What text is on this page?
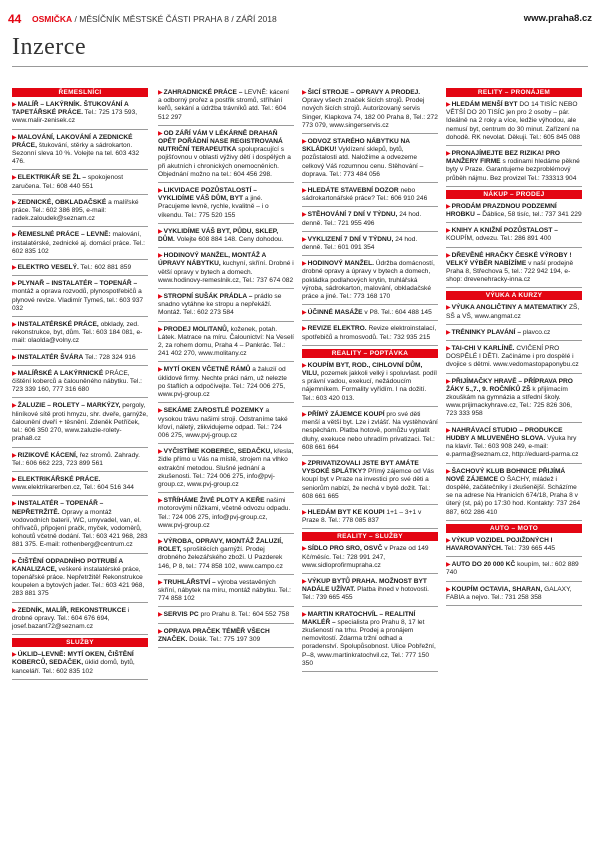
44 OSMIČKA / MĚSÍČNÍK MĚSTSKÉ ČÁSTI PRAHA 8 / ZÁŘÍ 2018	www.praha8.cz
Inzerce
ŘEMESLNÍCI
▶MALÍŘ – LAKÝRNÍK. ŠTUKOVÁNÍ A TAPETÁŘSKÉ PRÁCE. Tel.: 725 173 593, www.malir-zenisek.cz
▶MALOVÁNÍ, LAKOVÁNÍ A ZEDNICKÉ PRÁCE, štukování, stěrky a sádrokarton. Sezonní sleva 10 %. Volejte na tel. 603 432 476.
▶ELEKTRIKÁŘ SE ŽL – spokojenost zaručena. Tel.: 608 440 551
▶ZEDNICKÉ, OBKLADAČSKÉ a malířské práce. Tel.: 602 386 895, e-mail: radek.zaloudek@seznam.cz
▶ŘEMESLNÉ PRÁCE – LEVNĚ: malování, instalatérské, zednické aj. domácí práce. Tel.: 602 835 102
▶ELEKTRO VESELÝ. Tel.: 602 881 859
▶PLYNAŘ – INSTALATÉR – TOPENÁŘ – montáž a oprava rozvodů, plynospotřebičů a plynové revize. Vladimír Tymeš, tel.: 603 937 032
▶INSTALATÉRSKÉ PRÁCE, obklady, zed. rekonstrukce, byt, dům. Tel.: 603 184 081, e-mail: olaolda@volny.cz
▶INSTALATÉR ŠVÁRA Tel.: 728 324 916
▶MALÍŘSKÉ A LAKÝRNICKÉ PRÁCE, čištění koberců a čalouněného nábytku. Tel.: 723 339 160, 777 316 680
▶ŽALUZIE – ROLETY – MARKÝZY, pergoly, hliníkové sítě proti hmyzu, shr. dveře, garnýže, čalounění dveří + těsnění. Zdeněk Petříček, tel.: 606 350 270, www.zaluzie-rolety-praha8.cz
▶RIZIKOVÉ KÁCENÍ, řez stromů. Zahrady. Tel.: 606 662 223, 723 899 561
▶ELEKTRIKÁŘSKÉ PRÁCE. www.elektrikarerben.cz, Tel.: 604 516 344
▶INSTALATÉR – TOPENÁŘ – NEPŘETRŽITĚ. Opravy a montáž vodovodních baterií, WC, umyvadel, van, el. ohřívačů, připojení pračk, myček, vodoměrů, kohoutů včetně dodání. Tel.: 603 421 968, 283 881 375. E-mail: rothenberg@centrum.cz
▶ČIŠTĚNÍ ODPADNÍHO POTRUBÍ A KANALIZACE, veškeré instalatérské práce, topenářské práce. Nepřetržitě! Rekonstrukce koupelen a bytových jader. Tel.: 603 421 968, 283 881 375
▶ZEDNÍK, MALÍŘ, REKONSTRUKCE i drobné opravy. Tel.: 604 676 694, josef.bazant72@seznam.cz
SLUŽBY
▶ÚKLID–LEVNĚ: MYTÍ OKEN, ČIŠTĚNÍ KOBERCŮ, SEDAČEK, úklid domů, bytů, kanceláří. Tel.: 602 835 102
▶ZAHRADNICKÉ PRÁCE – LEVNĚ: kácení a odborný prořez a postřik stromů, stříhání keřů, sekání a údržba trávníků atd. Tel.: 604 512 297
▶OD ZÁŘÍ VÁM V LÉKÁRNĚ DRAHAŇ OPĚT POŘÁDNÍ NASE REGISTROVANÁ NUTRIČNÍ TERAPEUTKA spolupracující s pojišťovnou v oblasti výživy dětí i dospělých a při akutních i chronických onemocněních. Objednání možno na tel.: 604 456 298.
▶LIKVIDACE POZŮSTALOSTÍ – VYKLIDÍME VÁŠ DŮM, BYT a jiné. Pracujeme levně, rychle, kvalitně – i o víkendu. Tel.: 775 520 155
▶VYKLIDÍME VÁŠ BYT, PŮDU, SKLEP, DŮM. Volejte 608 884 148. Ceny dohodou.
▶HODINOVÝ MANŽEL, MONTÁŽ A ÚPRAVY NÁBYTKU, kuchyní, skříní. Drobné i větší opravy v bytech a domech. www.hodinovy-remeslnik.cz, Tel.: 737 674 082
▶STROPNÍ SUŠÁK PRÁDLA – prádlo se snadno vytáhne ke stropu a nepřekáží. Montáž. Tel.: 602 273 584
▶PRODEJ MOLITANŮ, koženek, potah. Látek. Matrace na míru. Čalounictví: Na Veselí 2, za rohem domu, Praha 4 – Pankrác. Tel.: 241 402 270, www.molitany.cz
▶MYTÍ OKEN VČETNĚ RÁMŮ a žaluzií od úklidové firmy. Nechte práci nám, už nelezte po štaflích a odpočívejte. Tel.: 724 006 275, www.pvj-group.cz
▶SEKÁME ZAROSTLÉ POZEMKY a vysokou trávu našimi stroji. Odstraníme také křoví, náletý, zlikvidujeme odpad. Tel.: 724 006 275, www.pvj-group.cz
▶VYČISTÍME KOBEREC, SEDAČKU, křesla, židle přímo u Vás na místě, strojem na vlhko extrakční metodou. Slušné jednání a zkušenosti. Tel.: 724 006 275, info@pvj-group.cz, www.pvj-group.cz
▶STŘÍHÁME ŽIVÉ PLOTY A KEŘE našimi motorovými nůžkami, včetně odvozu odpadu. Tel.: 724 006 275, info@pvj-group.cz, www.pvj-group.cz
▶VÝROBA, OPRAVY, MONTÁŽ ŽALUZIÍ, ROLET, sprošitěcích garnýží. Prodej drobného železářského zboží. U Pazderek 146, P 8, tel.: 774 858 102, www.campo.cz
▶TRUHLÁŘSTVÍ – výroba vestavěných skříní, nábytek na míru, montáž nábytku. Tel.: 774 858 102
▶SERVIS PC pro Prahu 8. Tel.: 604 552 758
▶OPRAVA PRAČEK TÉMĚŘ VŠECH ZNAČEK. Dolák. Tel.: 775 197 309
▶ŠICÍ STROJE – OPRAVY A PRODEJ. Opravy všech značek šicích strojů. Prodej nových šicích strojů. Autorizovaný servis Singer, Klapkova 74, 182 00 Praha 8, Tel.: 272 773 079, www.singerservis.cz
▶ODVOZ STARÉHO NÁBYTKU NA SKLÁDKU! Vyklízení sklepů, bytů, pozůstalosti atd. Naložíme a odvezeme celkový Váš rozumnou cenu. Stěhování – doprava. Tel.: 773 484 056
▶HLEDÁTE STAVEBNÍ DOZOR nebo sádrokartonářské práce? Tel.: 606 910 246
▶STĚHOVÁNÍ 7 DNÍ V TÝDNU, 24 hod. denně. Tel.: 721 955 496
▶VYKLIZENÍ 7 DNÍ V TÝDNU, 24 hod. denně. Tel.: 601 091 354
▶HODINOVÝ MANŽEL. Údržba domácností, drobné opravy a úpravy v bytech a domech, pokládka podlahových krytin, truhlářská výroba, sádrokarton, malování, obkladačské práce a jiné. Tel.: 773 168 170
▶ÚČINNÉ MASÁŽE v P8. Tel.: 604 488 145
▶REVIZE ELEKTRO. Revize elektroinstalací, spotřebičů a hromosvodů. Tel.: 732 935 215
REALITY – POPTÁVKA
▶KOUPÍM BYT, ROD., CIHLOVNÍ DŮM, VILU, pozemek jakkoli velký i spoluvlast. podíl s právní vadou, exekucí, nežádoucím nájemníkem. Formality vyřídím. I na dožití. Tel.: 603 420 013.
▶PŘÍMÝ ZÁJEMCE KOUPÍ pro své děti menší a větší byt. Lze i zvlášť. Na vystěhování nespěchám. Platba hotově, pomůžu vyplatit dluhy, exekuce nebo uhradím privatizaci. Tel.: 608 661 664
▶ZPRIVATIZOVALI JSTE BYT AMÁTE VYSOKÉ SPLÁTKY? Přímý zájemce od Vás koupí byt v Praze na investici pro své děti a seniorům nabízí, že nechá v bytě dožít. Tel.: 608 661 665
▶HLEDÁM BYT KE KOUPI 1+1 – 3+1 v Praze 8. Tel.: 778 085 837
REALITY – SLUŽBY
▶SÍDLO PRO SRO, OSVČ v Praze od 149 Kč/měsíc. Tel.: 728 991 247, www.sidloprofirmupraha.cz
▶VÝKUP BYTŮ PRAHA. MOŽNOST BYT NADÁLE UŽÍVAT. Platba ihned v hotovosti. Tel.: 739 665 455
▶MARTIN KRATOCHVÍL – REALITNÍ MAKLÉŘ – specialista pro Prahu 8, 17 let zkušeností na trhu. Prodej a pronájem nemovitostí. Zdarma tržní odhad a poradenství. Spolupůsobnost. Ulice Pobřežní, P–8, www.martinkratochvil.cz, Tel.: 777 150 350
RELITY – PRONÁJEM
▶HLEDÁM MENŠÍ BYT DO 14 TISÍC NEBO VĚTŠÍ DO 20 TISÍC jen pro 2 osoby – pár. Ideálně na 2 roky a více, ledžie výhodou, ale nemusí byt, centrum do 30 minut. Zařízení na dohodě. RK nevolat. Děkuji. Tel.: 605 845 088
▶PRONAJÍMEJTE BEZ RIZIKA! PRO MANŽERY FIRME s rodinami hledáme pěkné byty v Praze. Garantujeme bezproblémový průběh nájmu. Bez provizel Tel.: 733313 904
NÁKUP – PRODEJ
▶PRODÁM PRAZDNOU PODZEMNÍ HROBKU – Ďáblice, 58 tisíc, tel.: 737 341 229
▶KNIHY A KNIŽNÍ POZŮSTALOST – KOUPÍM, odvezu. Tel.: 286 891 400
▶DŘEVĚNÉ HRAČKY ČESKÉ VÝROBY ! VELKÝ VÝBĚR NABÍZÍME v naší prodejně Praha 8, Střechova 5, tel.: 722 942 194, e-shop: drevenehracky-inna.cz
VÝUKA A KURZY
▶VÝUKA ANGLIČTINY A MATEMATIKY ZŠ, SŠ a VŠ, www.angmat.cz
▶TRÉNINKY PLAVÁNÍ – plavco.cz
▶TAI-CHI V KARLÍNĚ. CVIČENÍ PRO DOSPĚLÉ I DĚTI. Začínáme i pro dospělé i dvojice s dětmi. www.vedomastopaponybu.cz
▶PŘIJÍMAČKY HRAVĚ – PŘÍPRAVA PRO ŽÁKY 5.,7., 9. ROČNÍKŮ ZŠ k přijímacím zkouškám na gymnázia a střední školy. www.prijimackyhrave.cz, Tel.: 725 826 306, 723 333 958
▶NAHRÁVACÍ STUDIO – PRODUKCE HUDBY A MLUVENÉHO SLOVA. Výuka hry na klavír. Tel.: 603 908 249, e-mail: e.parma@seznam.cz, http://eduard-parma.cz
▶ŠACHOVÝ KLUB BOHNICE PŘIJÍMÁ NOVÉ ZÁJEMCE O ŠACHY, mládež i dospělé, začátečníky i zkušenější. Scházíme se na adrese Na Hranicích 674/18, Praha 8 v úterý (st, pá) po 17:30 hod. Kontakty: 737 264 887, 602 286 410
AUTO – MOTO
▶VÝKUP VOZIDEL POJIŽDNÝCH I HAVAROVANÝCH. Tel.: 739 665 445
▶AUTO DO 20 000 KČ koupím, tel.: 602 889 740
▶KOUPÍM OCTAVIA, SHARAN, GALAXY, FABIA a nejvo. Tel.: 731 258 358
